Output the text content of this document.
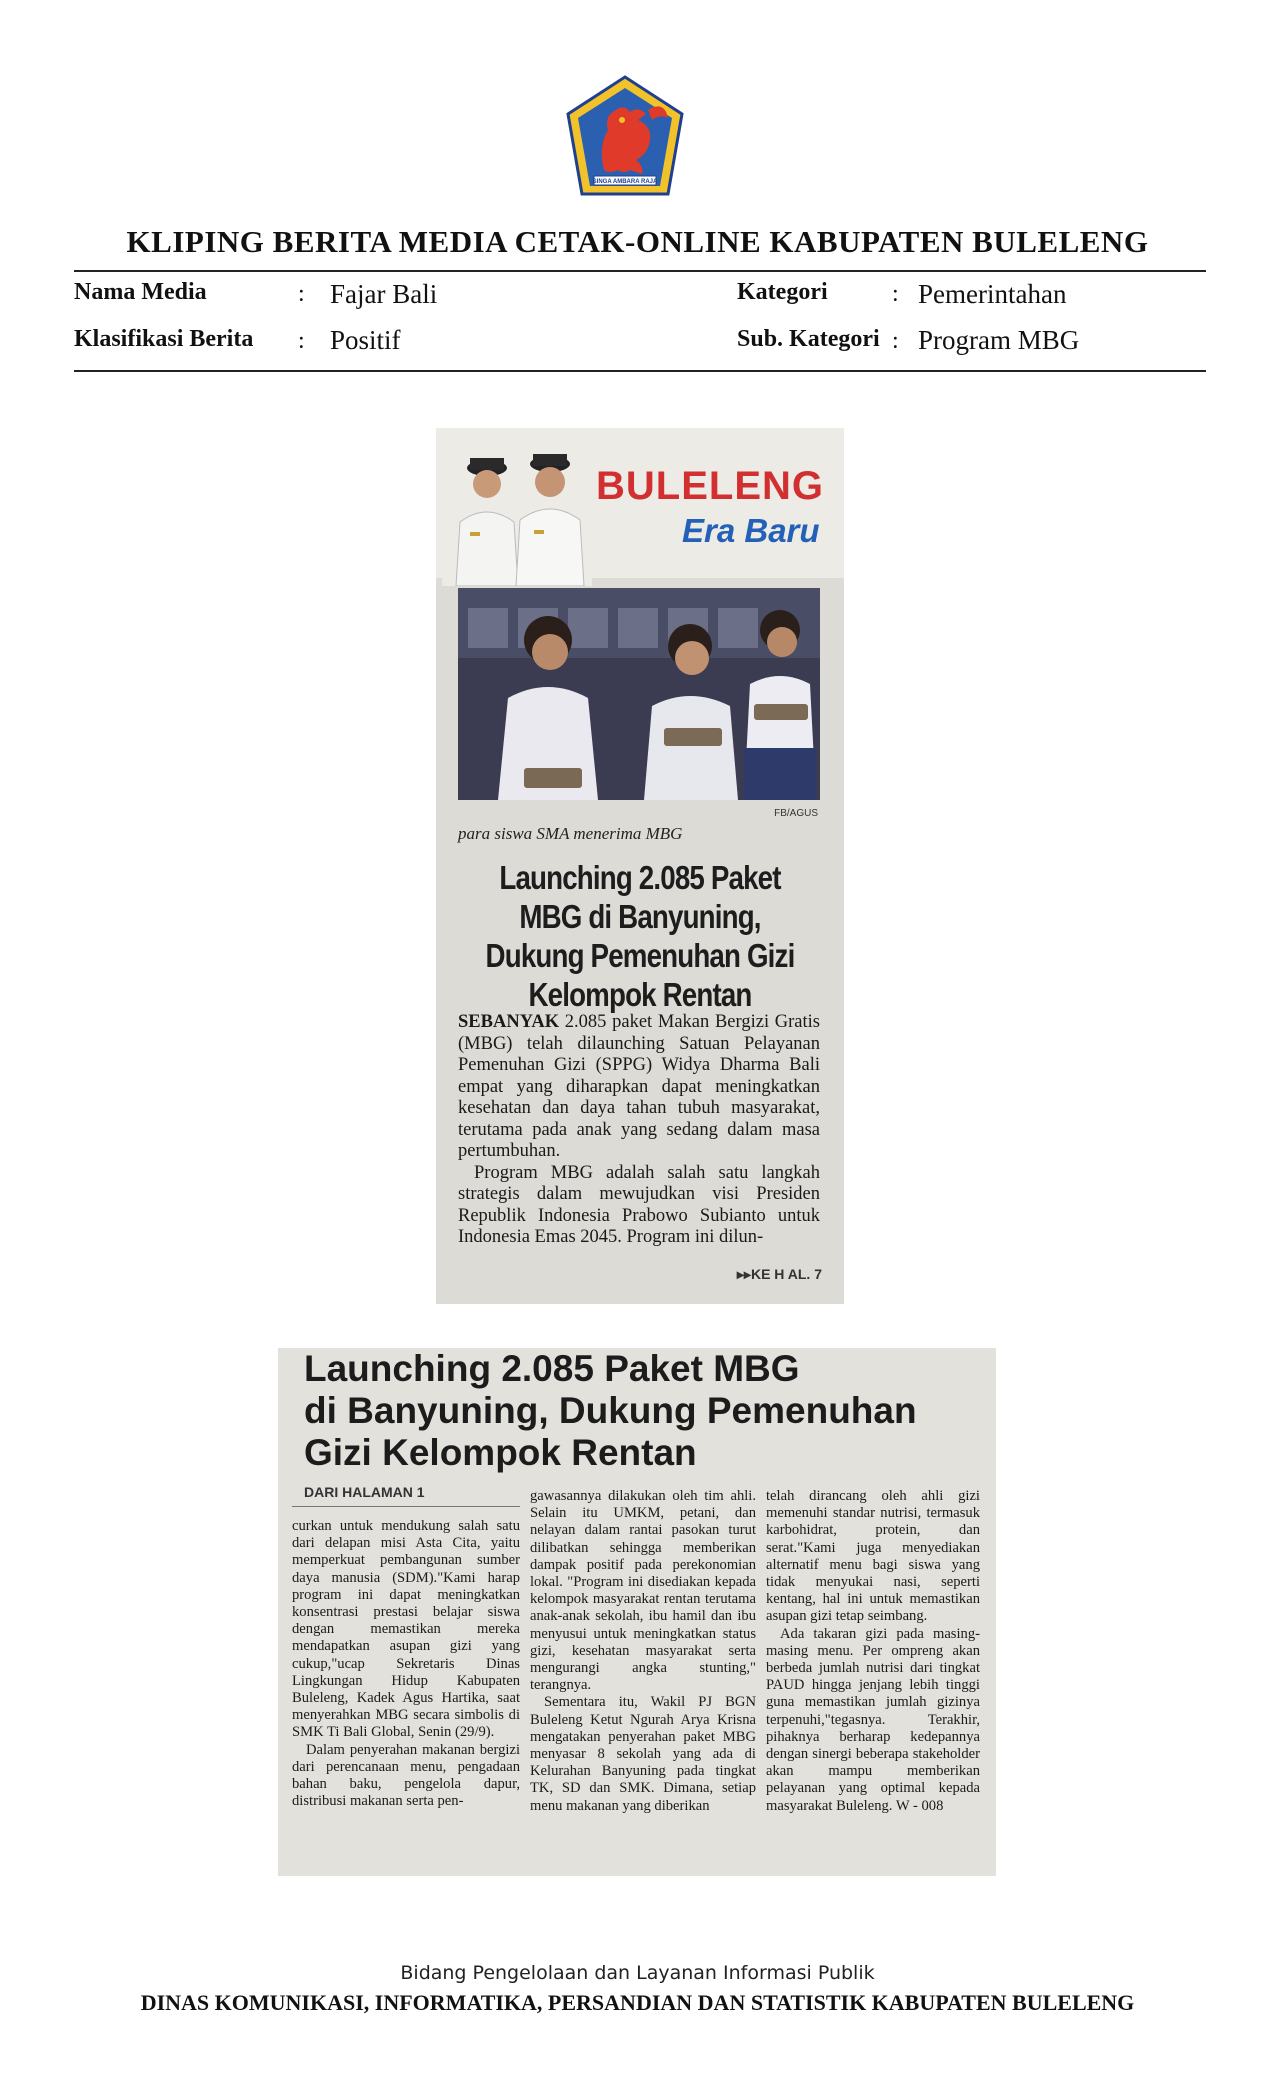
SINGA AMBARA RAJA
KLIPING BERITA MEDIA CETAK-ONLINE KABUPATEN BULELENG
Nama Media	: Fajar Bali
Klasifikasi Berita : Positif
Kategori	: Pemerintahan
Sub. Kategori : Program MBG
BULELENG
Era Baru
FB/AGUS
para siswa SMA menerima MBG
Launching 2.085 Paket
MBG di Banyuning,
Dukung Pemenuhan Gizi
Kelompok Rentan

SEBANYAK 2.085 paket Makan Bergizi Gratis (MBG) telah dilaunching Satuan Pelayanan Pemenuhan Gizi (SPPG) Widya Dharma Bali empat yang diharapkan dapat meningkatkan kesehatan dan daya tahan tubuh masyarakat, terutama pada anak yang sedang dalam masa pertumbuhan.

Program MBG adalah salah satu langkah strategis dalam mewujudkan visi Presiden Republik Indonesia Prabowo Subianto untuk Indonesia Emas 2045. Program ini dilun-

▸▸KE H AL. 7
Launching 2.085 Paket MBG
di Banyuning, Dukung Pemenuhan
Gizi Kelompok Rentan
DARI HALAMAN 1

curkan untuk mendukung salah satu dari delapan misi Asta Cita, yaitu memperkuat pembangunan sumber daya manusia (SDM)."Kami harap program ini dapat meningkatkan konsentrasi prestasi belajar siswa dengan memastikan mereka mendapatkan asupan gizi yang cukup,"ucap Sekretaris Dinas Lingkungan Hidup Kabupaten Buleleng, Kadek Agus Hartika, saat menyerahkan MBG secara simbolis di SMK Ti Bali Global, Senin (29/9).

Dalam penyerahan makanan bergizi dari perencanaan menu, pengadaan bahan baku, pengelola dapur, distribusi makanan serta pen-

gawasannya dilakukan oleh tim ahli. Selain itu UMKM, petani, dan nelayan dalam rantai pasokan turut dilibatkan sehingga memberikan dampak positif pada perekonomian lokal. "Program ini disediakan kepada kelompok masyarakat rentan terutama anak-anak sekolah, ibu hamil dan ibu menyusui untuk meningkatkan status gizi, kesehatan masyarakat serta mengurangi angka stunting," terangnya.

Sementara itu, Wakil PJ BGN Buleleng Ketut Ngurah Arya Krisna mengatakan penyerahan paket MBG menyasar 8 sekolah yang ada di Kelurahan Banyuning pada tingkat TK, SD dan SMK. Dimana, setiap menu makanan yang diberikan

telah dirancang oleh ahli gizi memenuhi standar nutrisi, termasuk karbohidrat, protein, dan serat."Kami juga menyediakan alternatif menu bagi siswa yang tidak menyukai nasi, seperti kentang, hal ini untuk memastikan asupan gizi tetap seimbang.

Ada takaran gizi pada masing-masing menu. Per ompreng akan berbeda jumlah nutrisi dari tingkat PAUD hingga jenjang lebih tinggi guna memastikan jumlah gizinya terpenuhi,"tegasnya. Terakhir, pihaknya berharap kedepannya dengan sinergi beberapa stakeholder akan mampu memberikan pelayanan yang optimal kepada masyarakat Buleleng. W - 008

Bidang Pengelolaan dan Layanan Informasi Publik
DINAS KOMUNIKASI, INFORMATIKA, PERSANDIAN DAN STATISTIK KABUPATEN BULELENG
